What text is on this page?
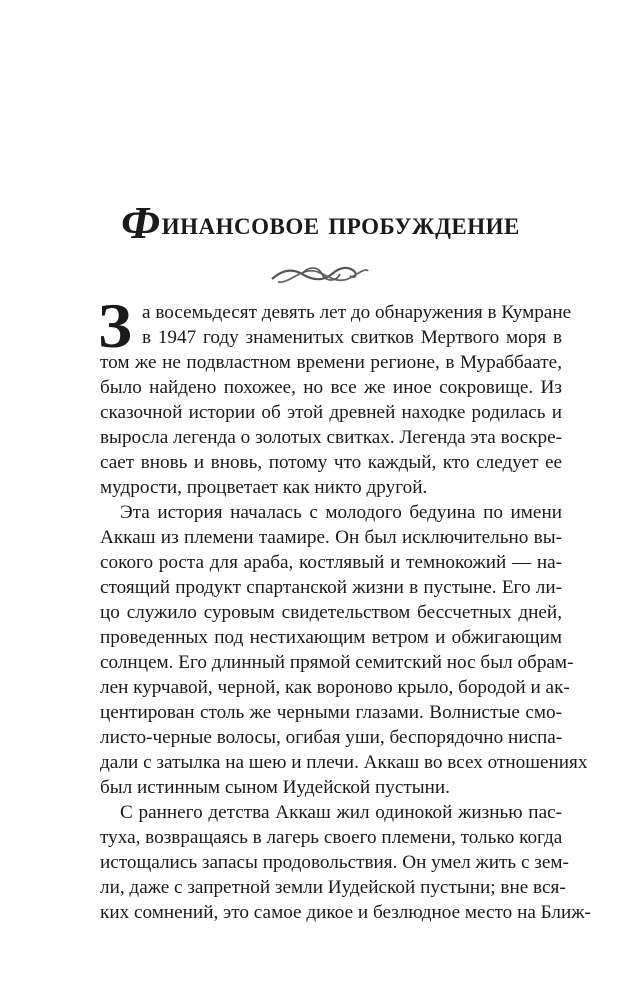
Финансовое пробуждение
З а восемьдесят девять лет до обнаружения в Кумране
в 1947 году знаменитых свитков Мертвого моря в
том же не подвластном времени регионе, в Мураббаате,
было найдено похожее, но все же иное сокровище. Из
сказочной истории об этой древней находке родилась и
выросла легенда о золотых свитках. Легенда эта воскре-
сает вновь и вновь, потому что каждый, кто следует ее
мудрости, процветает как никто другой.
Эта история началась с молодого бедуина по имени
Аккаш из племени таамире. Он был исключительно вы-
сокого роста для араба, костлявый и темнокожий — на-
стоящий продукт спартанской жизни в пустыне. Его ли-
цо служило суровым свидетельством бессчетных дней,
проведенных под нестихающим ветром и обжигающим
солнцем. Его длинный прямой семитский нос был обрам-
лен курчавой, черной, как вороново крыло, бородой и ак-
центирован столь же черными глазами. Волнистые смо-
листо-черные волосы, огибая уши, беспорядочно ниспа-
дали с затылка на шею и плечи. Аккаш во всех отношениях
был истинным сыном Иудейской пустыни.
С раннего детства Аккаш жил одинокой жизнью пас-
туха, возвращаясь в лагерь своего племени, только когда
истощались запасы продовольствия. Он умел жить с зем-
ли, даже с запретной земли Иудейской пустыни; вне вся-
ких сомнений, это самое дикое и безлюдное место на Ближ-
